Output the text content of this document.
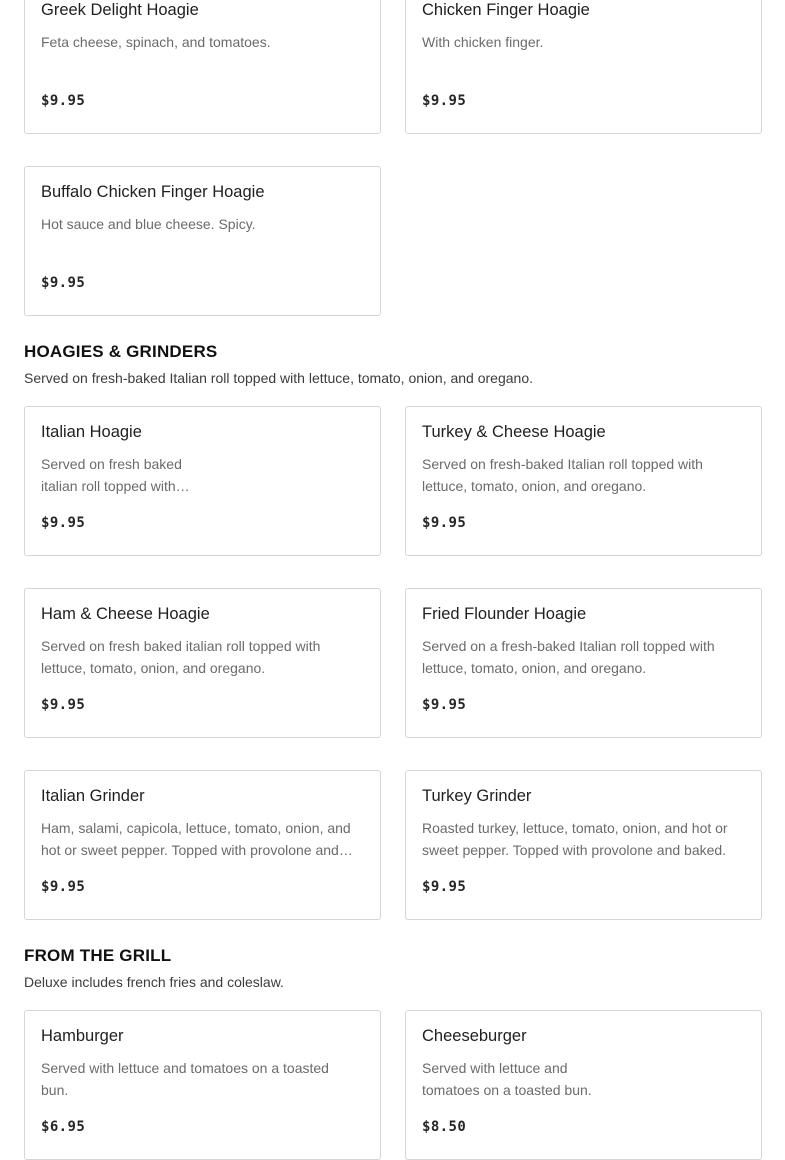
Greek Delight Hoagie
Feta cheese, spinach, and tomatoes.
$9.95
Chicken Finger Hoagie
With chicken finger.
$9.95
Buffalo Chicken Finger Hoagie
Hot sauce and blue cheese. Spicy.
$9.95
HOAGIES & GRINDERS
Served on fresh-baked Italian roll topped with lettuce, tomato, onion, and oregano.
Italian Hoagie
Served on fresh baked italian roll topped with
$9.95
Turkey & Cheese Hoagie
Served on fresh-baked Italian roll topped with lettuce, tomato, onion, and oregano.
$9.95
Ham & Cheese Hoagie
Served on fresh baked italian roll topped with lettuce, tomato, onion, and oregano.
$9.95
Fried Flounder Hoagie
Served on a fresh-baked Italian roll topped with lettuce, tomato, onion, and oregano.
$9.95
Italian Grinder
Ham, salami, capicola, lettuce, tomato, onion, and hot or sweet pepper. Topped with provolone and
$9.95
Turkey Grinder
Roasted turkey, lettuce, tomato, onion, and hot or sweet pepper. Topped with provolone and baked.
$9.95
FROM THE GRILL
Deluxe includes french fries and coleslaw.
Hamburger
Served with lettuce and tomatoes on a toasted bun.
$6.95
Cheeseburger
Served with lettuce and tomatoes on a toasted bun.
$8.50
